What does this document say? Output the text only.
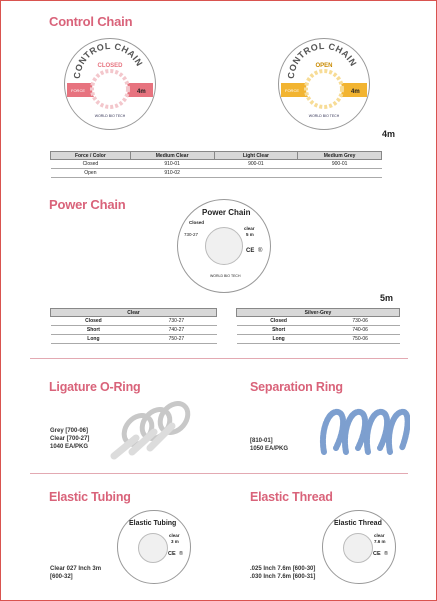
Control Chain
CONTROL CHAIN
CLOSED
FORCE	4m
WORLD BIO TECH
CONTROL CHAIN
OPEN
FORCE	4m
WORLD BIO TECH
4m
Force / Color	Medium Clear	Light Clear	Medium Grey
Closed	910-01	900-01	900-01
Open	910-02		
Power Chain
Power Chain
Closed
clear
5 m
730-27
CE ®
WORLD BIO TECH
5m
Clear	
Closed	730-27
Short	740-27
Long	750-27
Silver-Grey	
Closed	730-06
Short	740-06
Long	750-06
Ligature O-Ring
Grey [700-06]
Clear [700-27]
1040 EA/PKG
Separation Ring
[810-01]
1050 EA/PKG
Elastic Tubing
Elastic Tubing
clear
3 m
CE ®
Clear 027 Inch 3m
[600-32]
Elastic Thread
Elastic Thread
clear
7.6 m
CE ®
.025 Inch 7.6m [600-30]
.030 Inch 7.6m [600-31]
